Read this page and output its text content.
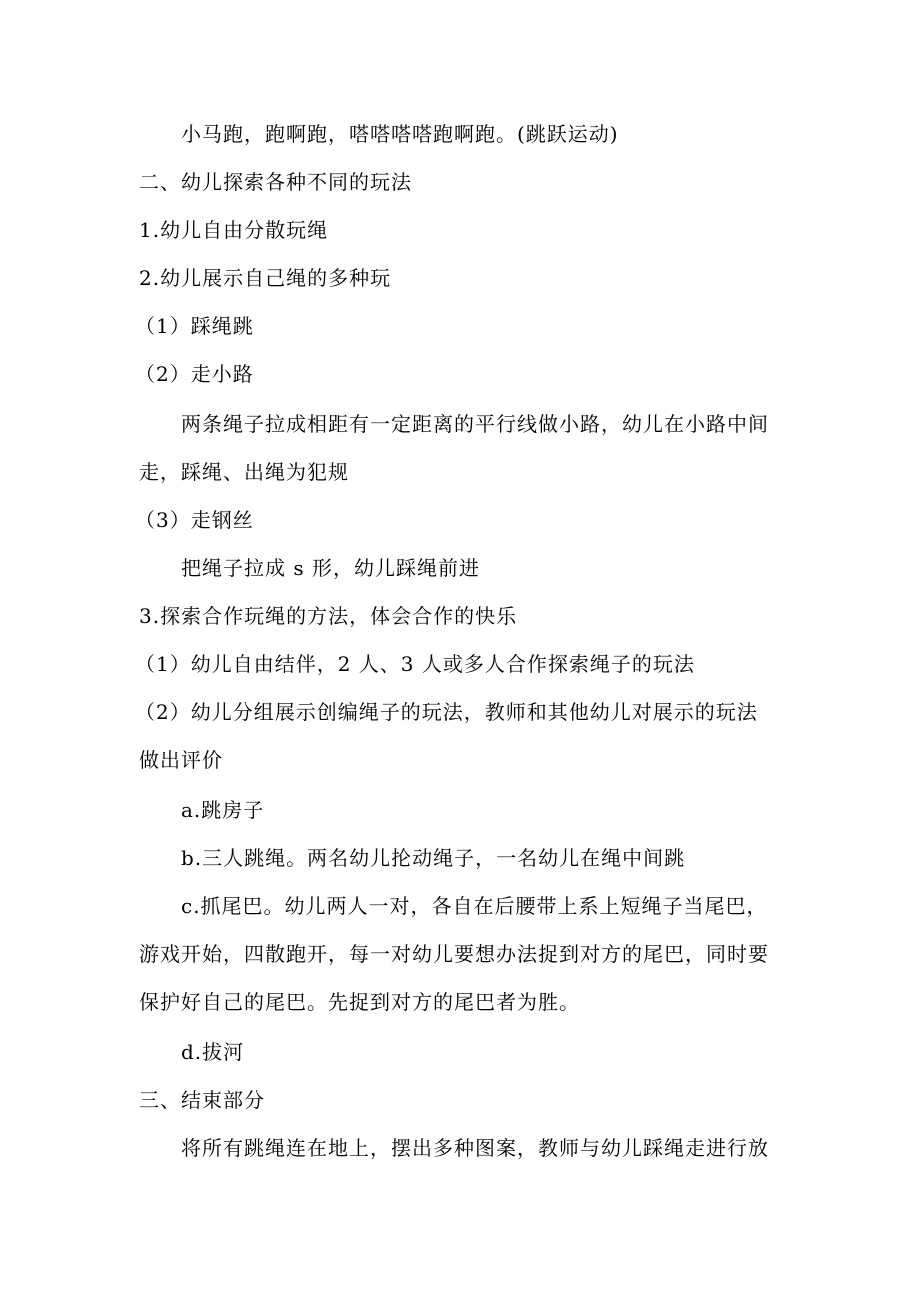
小马跑，跑啊跑，嗒嗒嗒嗒跑啊跑。(跳跃运动)
二、幼儿探索各种不同的玩法
1.幼儿自由分散玩绳
2.幼儿展示自己绳的多种玩
（1）踩绳跳
（2）走小路
两条绳子拉成相距有一定距离的平行线做小路，幼儿在小路中间
走，踩绳、出绳为犯规
（3）走钢丝
把绳子拉成 s 形，幼儿踩绳前进
3.探索合作玩绳的方法，体会合作的快乐
（1）幼儿自由结伴，2 人、3 人或多人合作探索绳子的玩法
（2）幼儿分组展示创编绳子的玩法，教师和其他幼儿对展示的玩法
做出评价
a.跳房子
b.三人跳绳。两名幼儿抡动绳子，一名幼儿在绳中间跳
c.抓尾巴。幼儿两人一对，各自在后腰带上系上短绳子当尾巴，
游戏开始，四散跑开，每一对幼儿要想办法捉到对方的尾巴，同时要
保护好自己的尾巴。先捉到对方的尾巴者为胜。
d.拔河
三、结束部分
将所有跳绳连在地上，摆出多种图案，教师与幼儿踩绳走进行放
